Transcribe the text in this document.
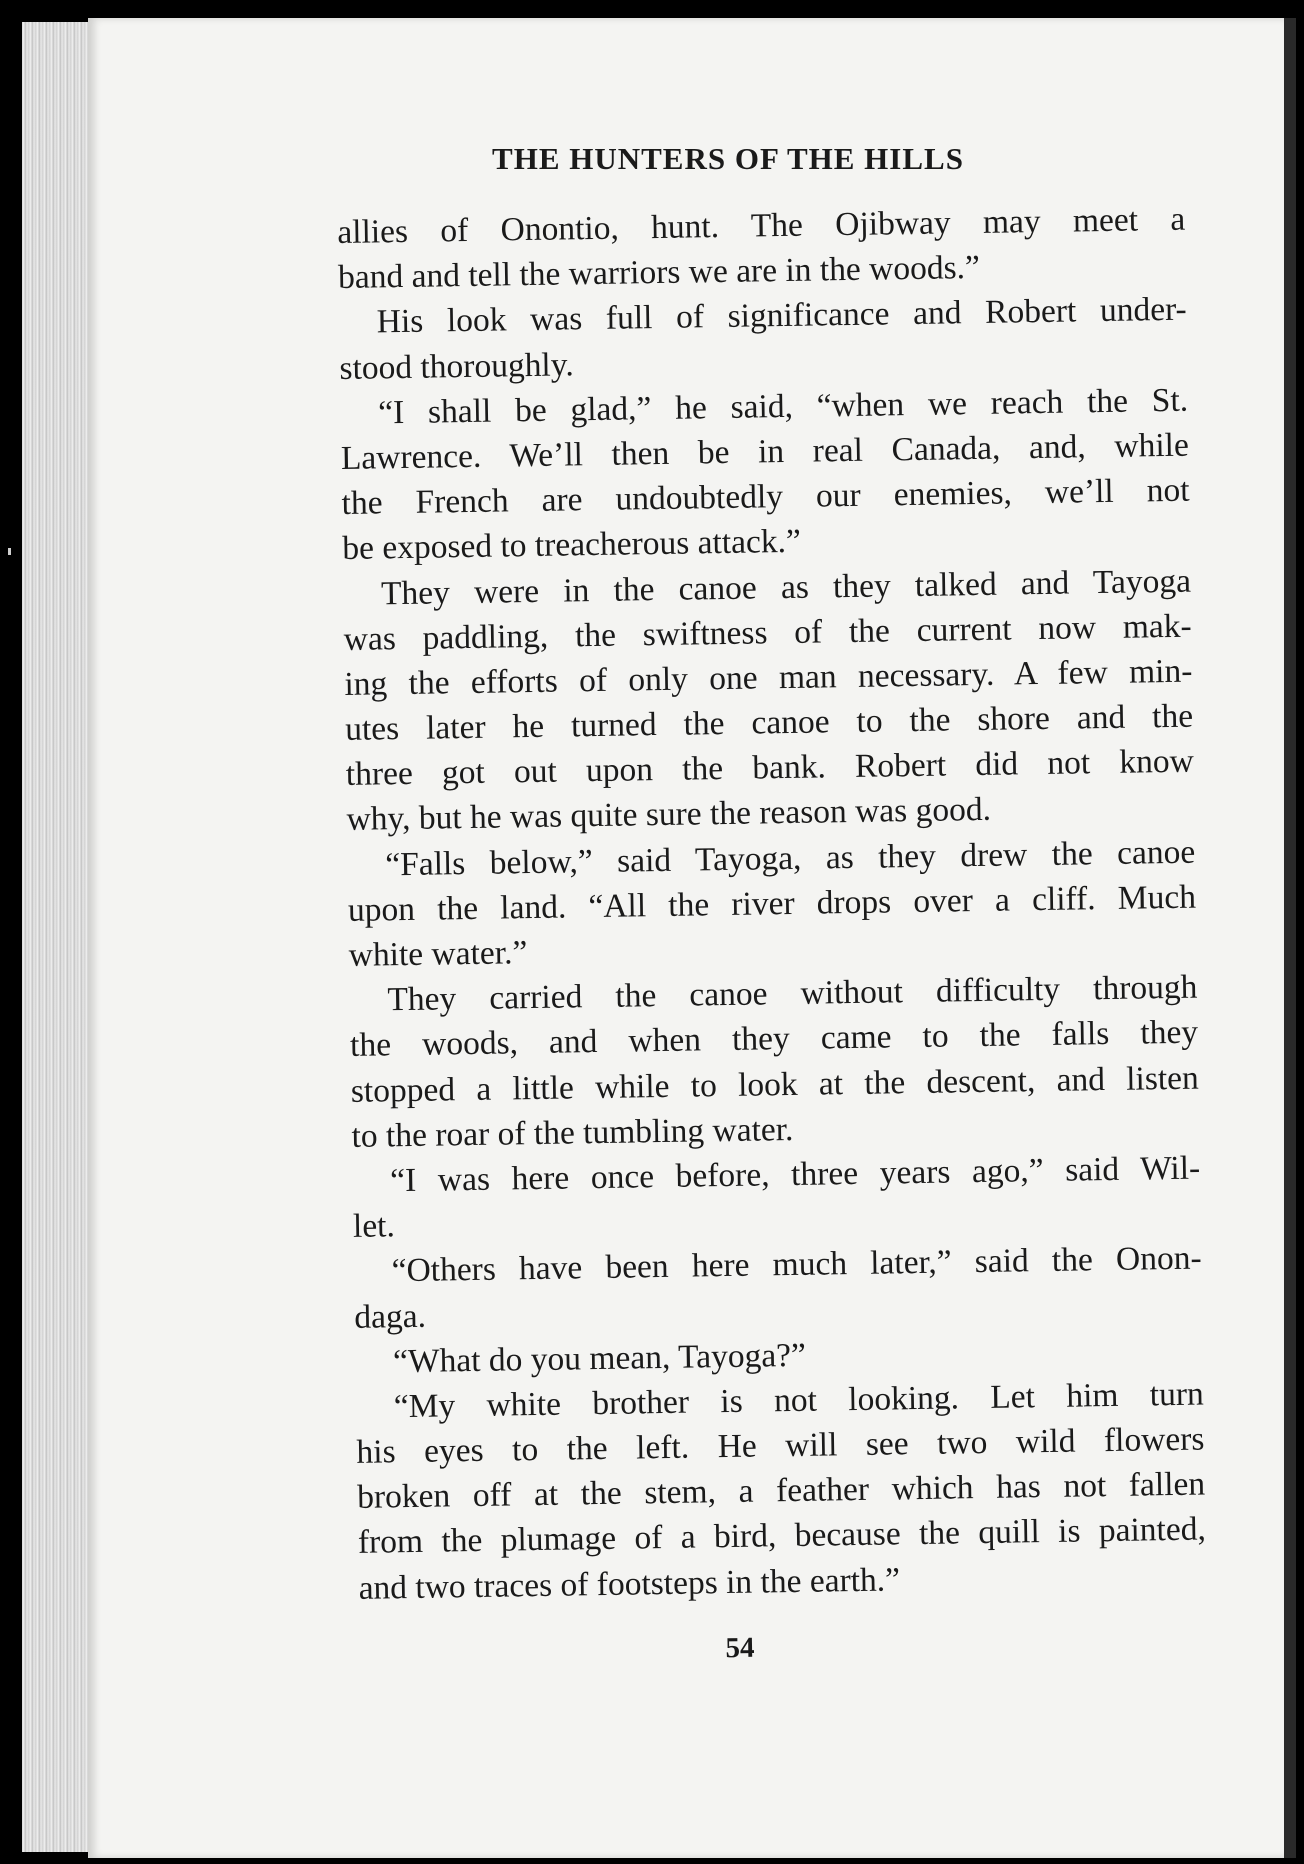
THE HUNTERS OF THE HILLS
allies of Onontio, hunt. The Ojibway may meet a
band and tell the warriors we are in the woods.”
His look was full of significance and Robert under-
stood thoroughly.
“I shall be glad,” he said, “when we reach the St.
Lawrence. We’ll then be in real Canada, and, while
the French are undoubtedly our enemies, we’ll not
be exposed to treacherous attack.”
They were in the canoe as they talked and Tayoga
was paddling, the swiftness of the current now mak-
ing the efforts of only one man necessary. A few min-
utes later he turned the canoe to the shore and the
three got out upon the bank. Robert did not know
why, but he was quite sure the reason was good.
“Falls below,” said Tayoga, as they drew the canoe
upon the land. “All the river drops over a cliff. Much
white water.”
They carried the canoe without difficulty through
the woods, and when they came to the falls they
stopped a little while to look at the descent, and listen
to the roar of the tumbling water.
“I was here once before, three years ago,” said Wil-
let.
“Others have been here much later,” said the Onon-
daga.
“What do you mean, Tayoga?”
“My white brother is not looking. Let him turn
his eyes to the left. He will see two wild flowers
broken off at the stem, a feather which has not fallen
from the plumage of a bird, because the quill is painted,
and two traces of footsteps in the earth.”
54
